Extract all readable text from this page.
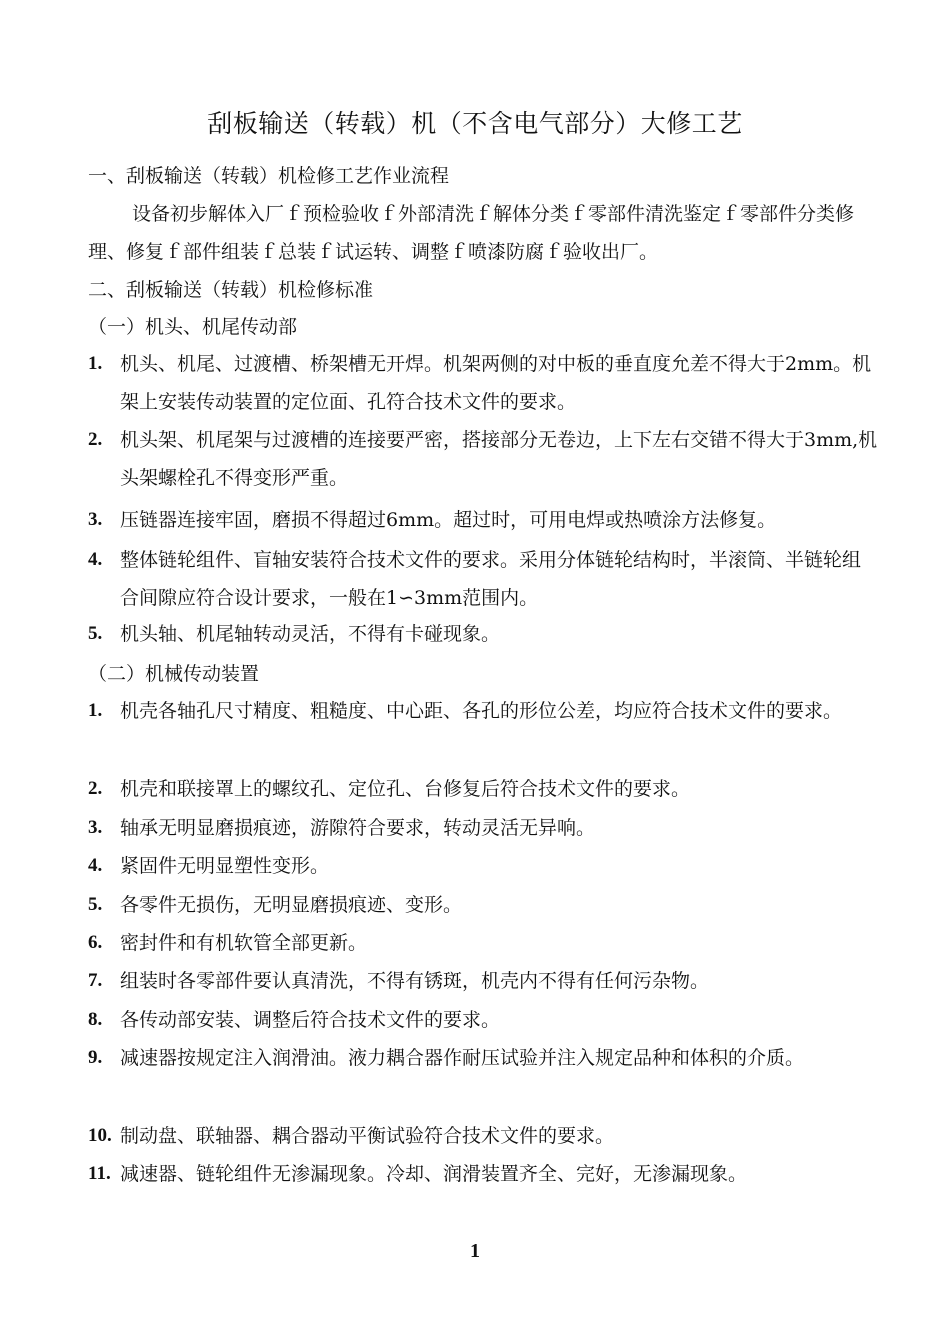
刮板输送（转载）机（不含电气部分）大修工艺
一、刮板输送（转载）机检修工艺作业流程
设备初步解体入厂ｆ预检验收ｆ外部清洗ｆ解体分类ｆ零部件清洗鉴定ｆ零部件分类修理、修复ｆ部件组装ｆ总装ｆ试运转、调整ｆ喷漆防腐ｆ验收出厂。
二、刮板输送（转载）机检修标准
（一）机头、机尾传动部
1. 机头、机尾、过渡槽、桥架槽无开焊。机架两侧的对中板的垂直度允差不得大于2mm。机架上安装传动装置的定位面、孔符合技术文件的要求。
2. 机头架、机尾架与过渡槽的连接要严密，搭接部分无卷边，上下左右交错不得大于3mm,机头架螺栓孔不得变形严重。
3. 压链器连接牢固，磨损不得超过6mm。超过时，可用电焊或热喷涂方法修复。
4. 整体链轮组件、盲轴安装符合技术文件的要求。采用分体链轮结构时，半滚筒、半链轮组合间隙应符合设计要求，一般在1∽3mm范围内。
5. 机头轴、机尾轴转动灵活，不得有卡碰现象。
（二）机械传动装置
1. 机壳各轴孔尺寸精度、粗糙度、中心距、各孔的形位公差，均应符合技术文件的要求。
2. 机壳和联接罩上的螺纹孔、定位孔、台修复后符合技术文件的要求。
3. 轴承无明显磨损痕迹，游隙符合要求，转动灵活无异响。
4. 紧固件无明显塑性变形。
5. 各零件无损伤，无明显磨损痕迹、变形。
6. 密封件和有机软管全部更新。
7. 组装时各零部件要认真清洗，不得有锈斑，机壳内不得有任何污杂物。
8. 各传动部安装、调整后符合技术文件的要求。
9. 减速器按规定注入润滑油。液力耦合器作耐压试验并注入规定品种和体积的介质。
10. 制动盘、联轴器、耦合器动平衡试验符合技术文件的要求。
11. 减速器、链轮组件无渗漏现象。冷却、润滑装置齐全、完好，无渗漏现象。
1
